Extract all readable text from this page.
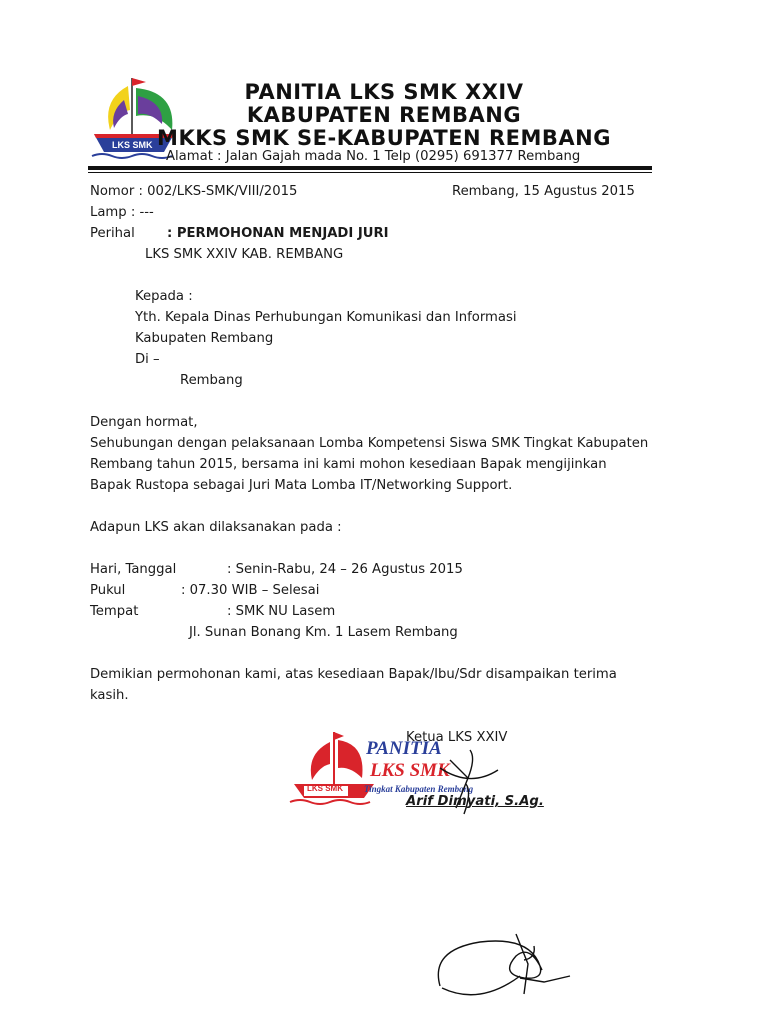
LKS SMK
PANITIA LKS SMK XXIV
KABUPATEN REMBANG
MKKS SMK SE-KABUPATEN REMBANG
Alamat : Jalan Gajah mada No. 1 Telp (0295) 691377 Rembang
Nomor : 002/LKS-SMK/VIII/2015	Rembang, 15 Agustus 2015
Lamp : ---
Perihal : PERMOHONAN MENJADI JURI
LKS SMK XXIV KAB. REMBANG
Kepada :
Yth. Kepala Dinas Perhubungan Komunikasi dan Informasi
Kabupaten Rembang
Di –
Rembang
Dengan hormat,
Sehubungan dengan pelaksanaan Lomba Kompetensi Siswa SMK Tingkat Kabupaten
Rembang tahun 2015, bersama ini kami mohon kesediaan Bapak mengijinkan
Bapak Rustopa sebagai Juri Mata Lomba IT/Networking Support.
Adapun LKS akan dilaksanakan pada :
Hari, Tanggal	: Senin-Rabu, 24 – 26 Agustus 2015
Pukul	: 07.30 WIB – Selesai
Tempat	: SMK NU Lasem
Jl. Sunan Bonang Km. 1 Lasem Rembang
Demikian permohonan kami, atas kesediaan Bapak/Ibu/Sdr disampaikan terima
kasih.
Ketua LKS XXIV
LKS SMK
PANITIA
LKS SMK
Tingkat Kabupaten Rembang
Arif Dimyati, S.Ag.
